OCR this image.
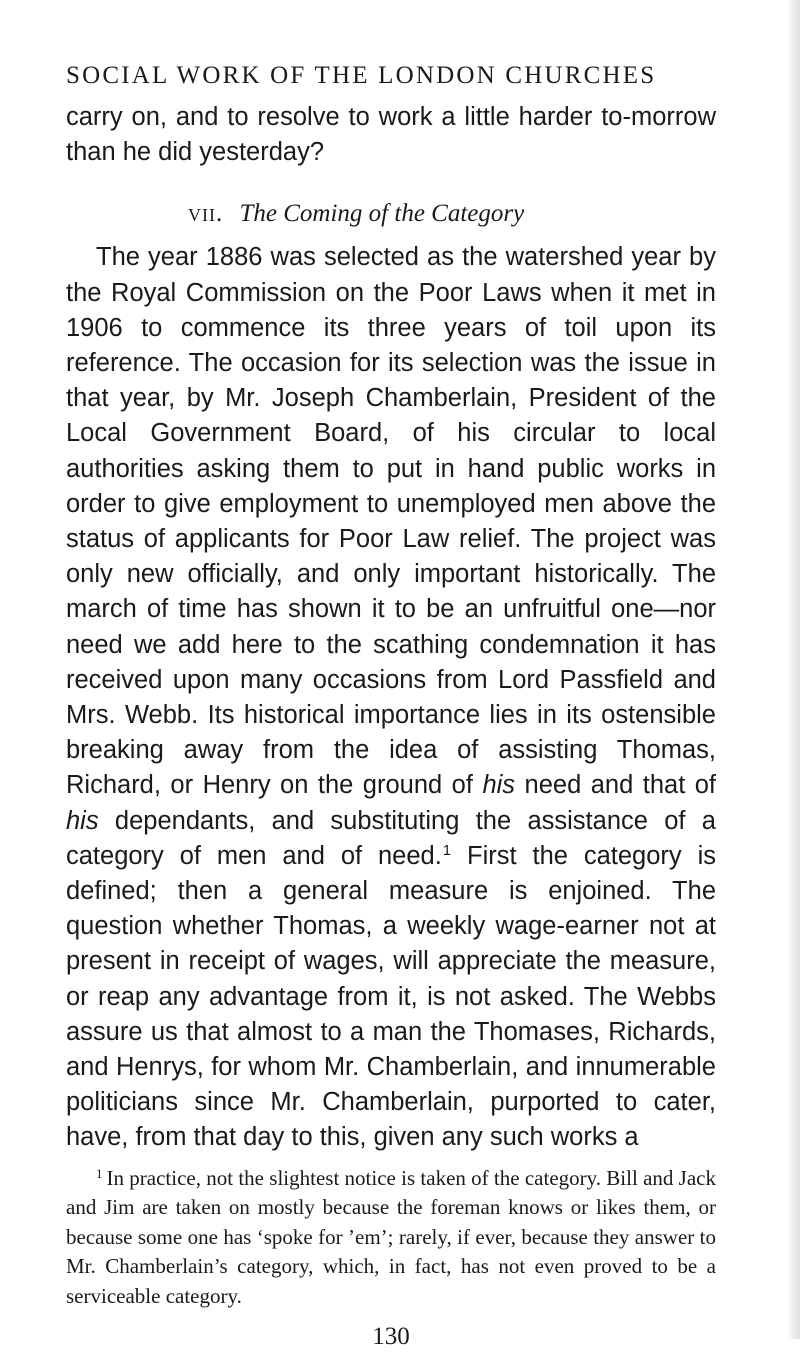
SOCIAL WORK OF THE LONDON CHURCHES

carry on, and to resolve to work a little harder to-morrow than he did yesterday?

vii. The Coming of the Category

The year 1886 was selected as the watershed year by the Royal Commission on the Poor Laws when it met in 1906 to commence its three years of toil upon its reference. The occasion for its selection was the issue in that year, by Mr. Joseph Chamberlain, President of the Local Government Board, of his circular to local authorities asking them to put in hand public works in order to give employment to unemployed men above the status of applicants for Poor Law relief. The project was only new officially, and only important historically. The march of time has shown it to be an unfruitful one—nor need we add here to the scathing condemnation it has received upon many occasions from Lord Passfield and Mrs. Webb. Its historical importance lies in its ostensible breaking away from the idea of assisting Thomas, Richard, or Henry on the ground of his need and that of his dependants, and substituting the assistance of a category of men and of need.$^1$ First the category is defined; then a general measure is enjoined. The question whether Thomas, a weekly wage-earner not at present in receipt of wages, will appreciate the measure, or reap any advantage from it, is not asked. The Webbs assure us that almost to a man the Thomases, Richards, and Henrys, for whom Mr. Chamberlain, and innumerable politicians since Mr. Chamberlain, purported to cater, have, from that day to this, given any such works a

$^1$ In practice, not the slightest notice is taken of the category. Bill and Jack and Jim are taken on mostly because the foreman knows or likes them, or because some one has ‘spoke for ’em’; rarely, if ever, because they answer to Mr. Chamberlain’s category, which, in fact, has not even proved to be a serviceable category.

130
